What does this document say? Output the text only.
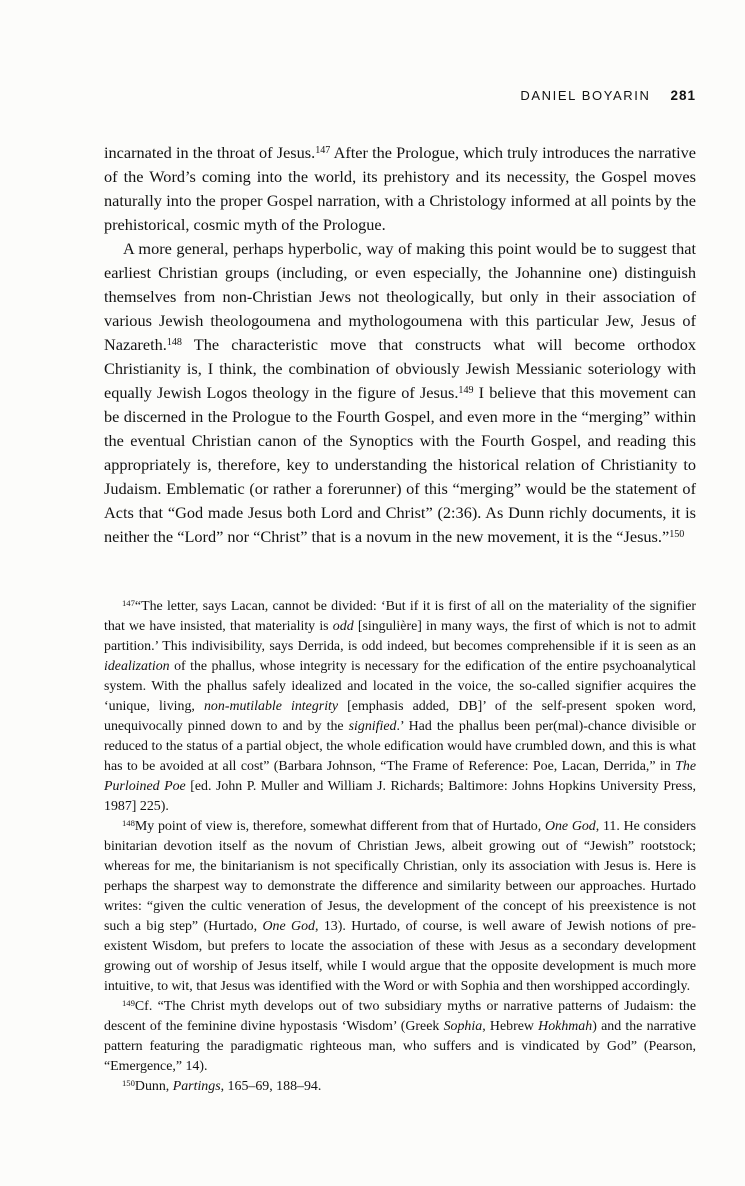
DANIEL BOYARIN 281

incarnated in the throat of Jesus.$^{147}$ After the Prologue, which truly introduces the narrative of the Word’s coming into the world, its prehistory and its necessity, the Gospel moves naturally into the proper Gospel narration, with a Christology informed at all points by the prehistorical, cosmic myth of the Prologue.

A more general, perhaps hyperbolic, way of making this point would be to suggest that earliest Christian groups (including, or even especially, the Johannine one) distinguish themselves from non-Christian Jews not theologically, but only in their association of various Jewish theologoumena and mythologoumena with this particular Jew, Jesus of Nazareth.$^{148}$ The characteristic move that constructs what will become orthodox Christianity is, I think, the combination of obviously Jewish Messianic soteriology with equally Jewish Logos theology in the figure of Jesus.$^{149}$ I believe that this movement can be discerned in the Prologue to the Fourth Gospel, and even more in the “merging” within the eventual Christian canon of the Synoptics with the Fourth Gospel, and reading this appropriately is, therefore, key to understanding the historical relation of Christianity to Judaism. Emblematic (or rather a forerunner) of this “merging” would be the statement of Acts that “God made Jesus both Lord and Christ” (2:36). As Dunn richly documents, it is neither the “Lord” nor “Christ” that is a novum in the new movement, it is the “Jesus.”$^{150}$

$^{147}$“The letter, says Lacan, cannot be divided: ‘But if it is first of all on the materiality of the signifier that we have insisted, that materiality is odd [singulière] in many ways, the first of which is not to admit partition.’ This indivisibility, says Derrida, is odd indeed, but becomes comprehensible if it is seen as an idealization of the phallus, whose integrity is necessary for the edification of the entire psychoanalytical system. With the phallus safely idealized and located in the voice, the so-called signifier acquires the ‘unique, living, non-mutilable integrity [emphasis added, DB]’ of the self-present spoken word, unequivocally pinned down to and by the signified.’ Had the phallus been per(mal)-chance divisible or reduced to the status of a partial object, the whole edification would have crumbled down, and this is what has to be avoided at all cost” (Barbara Johnson, “The Frame of Reference: Poe, Lacan, Derrida,” in The Purloined Poe [ed. John P. Muller and William J. Richards; Baltimore: Johns Hopkins University Press, 1987] 225).

$^{148}$My point of view is, therefore, somewhat different from that of Hurtado, One God, 11. He considers binitarian devotion itself as the novum of Christian Jews, albeit growing out of “Jewish” rootstock; whereas for me, the binitarianism is not specifically Christian, only its association with Jesus is. Here is perhaps the sharpest way to demonstrate the difference and similarity between our approaches. Hurtado writes: “given the cultic veneration of Jesus, the development of the concept of his preexistence is not such a big step” (Hurtado, One God, 13). Hurtado, of course, is well aware of Jewish notions of pre-existent Wisdom, but prefers to locate the association of these with Jesus as a secondary development growing out of worship of Jesus itself, while I would argue that the opposite development is much more intuitive, to wit, that Jesus was identified with the Word or with Sophia and then worshipped accordingly.

$^{149}$Cf. “The Christ myth develops out of two subsidiary myths or narrative patterns of Judaism: the descent of the feminine divine hypostasis ‘Wisdom’ (Greek Sophia, Hebrew Hokhmah) and the narrative pattern featuring the paradigmatic righteous man, who suffers and is vindicated by God” (Pearson, “Emergence,” 14).

$^{150}$Dunn, Partings, 165–69, 188–94.
